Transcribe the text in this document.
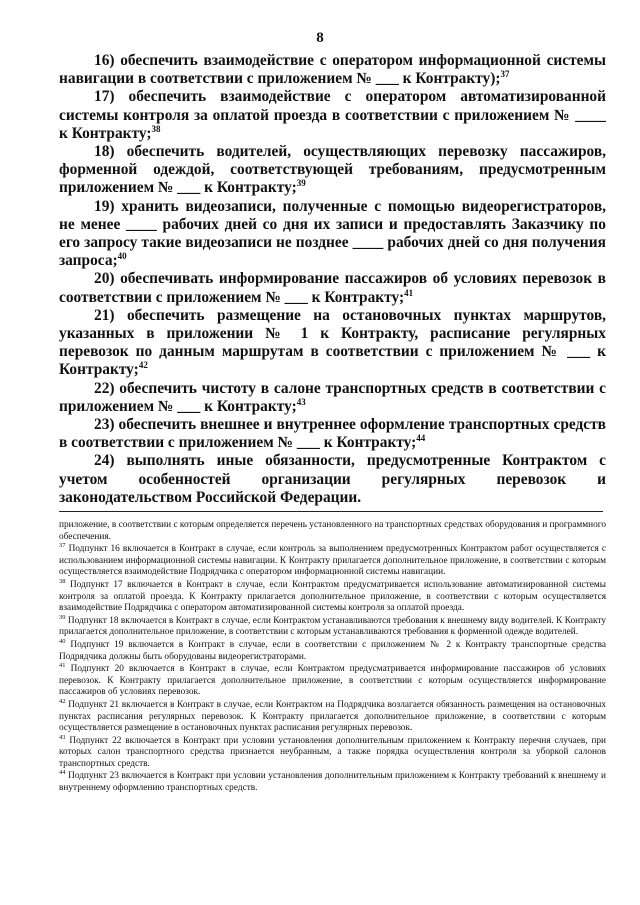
8

16) обеспечить взаимодействие с оператором информационной системы навигации в соответствии с приложением № ___ к Контракту);$^{37}$

17) обеспечить взаимодействие с оператором автоматизированной системы контроля за оплатой проезда в соответствии с приложением № ____ к Контракту;$^{38}$

18) обеспечить водителей, осуществляющих перевозку пассажиров, форменной одеждой, соответствующей требованиям, предусмотренным приложением № ___ к Контракту;$^{39}$

19) хранить видеозаписи, полученные с помощью видеорегистраторов, не менее ____ рабочих дней со дня их записи и предоставлять Заказчику по его запросу такие видеозаписи не позднее ____ рабочих дней со дня получения запроса;$^{40}$

20) обеспечивать информирование пассажиров об условиях перевозок в соответствии с приложением № ___ к Контракту;$^{41}$

21) обеспечить размещение на остановочных пунктах маршрутов, указанных в приложении № 1 к Контракту, расписание регулярных перевозок по данным маршрутам в соответствии с приложением № ___ к Контракту;$^{42}$

22) обеспечить чистоту в салоне транспортных средств в соответствии с приложением № ___ к Контракту;$^{43}$

23) обеспечить внешнее и внутреннее оформление транспортных средств в соответствии с приложением № ___ к Контракту;$^{44}$

24) выполнять иные обязанности, предусмотренные Контрактом с учетом особенностей организации регулярных перевозок и законодательством Российской Федерации.

приложение, в соответствии с которым определяется перечень установленного на транспортных средствах оборудования и программного обеспечения.

$^{37}$ Подпункт 16 включается в Контракт в случае, если контроль за выполнением предусмотренных Контрактом работ осуществляется с использованием информационной системы навигации. К Контракту прилагается дополнительное приложение, в соответствии с которым осуществляется взаимодействие Подрядчика с оператором информационной системы навигации.

$^{38}$ Подпункт 17 включается в Контракт в случае, если Контрактом предусматривается использование автоматизированной системы контроля за оплатой проезда. К Контракту прилагается дополнительное приложение, в соответствии с которым осуществляется взаимодействие Подрядчика с оператором автоматизированной системы контроля за оплатой проезда.

$^{39}$ Подпункт 18 включается в Контракт в случае, если Контрактом устанавливаются требования к внешнему виду водителей. К Контракту прилагается дополнительное приложение, в соответствии с которым устанавливаются требования к форменной одежде водителей.

$^{40}$ Подпункт 19 включается в Контракт в случае, если в соответствии с приложением № 2 к Контракту транспортные средства Подрядчика должны быть оборудованы видеорегистраторами.

$^{41}$ Подпункт 20 включается в Контракт в случае, если Контрактом предусматривается информирование пассажиров об условиях перевозок. К Контракту прилагается дополнительное приложение, в соответствии с которым осуществляется информирование пассажиров об условиях перевозок.

$^{42}$ Подпункт 21 включается в Контракт в случае, если Контрактом на Подрядчика возлагается обязанность размещения на остановочных пунктах расписания регулярных перевозок. К Контракту прилагается дополнительное приложение, в соответствии с которым осуществляется размещение в остановочных пунктах расписания регулярных перевозок.

$^{43}$ Подпункт 22 включается в Контракт при условии установления дополнительным приложением к Контракту перечня случаев, при которых салон транспортного средства признается неубранным, а также порядка осуществления контроля за уборкой салонов транспортных средств.

$^{44}$ Подпункт 23 включается в Контракт при условии установления дополнительным приложением к Контракту требований к внешнему и внутреннему оформлению транспортных средств.
